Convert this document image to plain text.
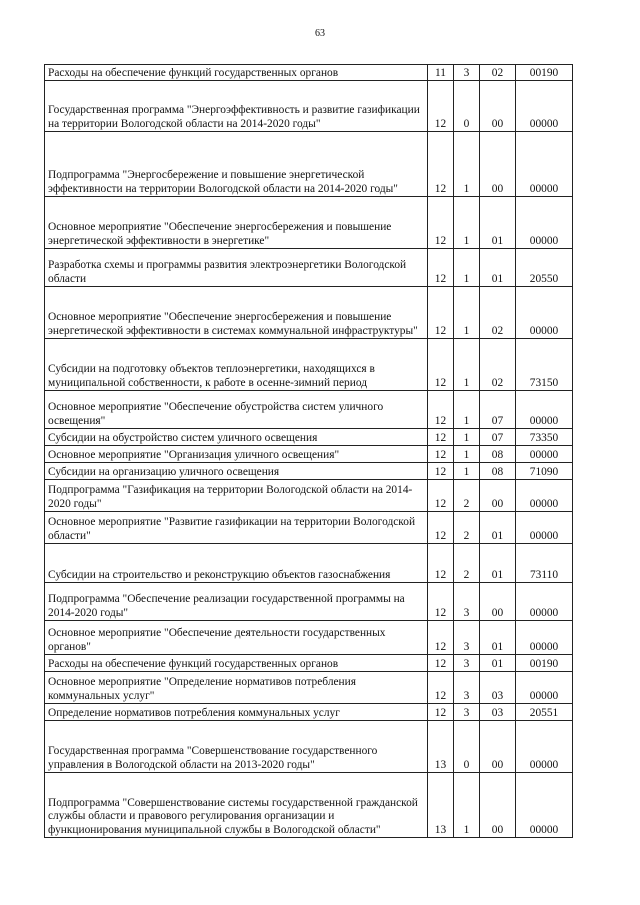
63
Расходы на обеспечение функций государственных органов	11	3	02	00190
Государственная программа "Энергоэффективность и развитие газификации на территории Вологодской области на 2014-2020 годы"	12	0	00	00000
Подпрограмма "Энергосбережение и повышение энергетической эффективности на территории Вологодской области на 2014-2020 годы"	12	1	00	00000
Основное мероприятие "Обеспечение энергосбережения и повышение энергетической эффективности в энергетике"	12	1	01	00000
Разработка схемы и программы развития электроэнергетики Вологодской области	12	1	01	20550
Основное мероприятие "Обеспечение энергосбережения и повышение энергетической эффективности в системах коммунальной инфраструктуры"	12	1	02	00000
Субсидии на подготовку объектов теплоэнергетики, находящихся в муниципальной собственности, к работе в осенне-зимний период	12	1	02	73150
Основное мероприятие "Обеспечение обустройства систем уличного освещения"	12	1	07	00000
Субсидии на обустройство систем уличного освещения	12	1	07	73350
Основное мероприятие "Организация уличного освещения"	12	1	08	00000
Субсидии на организацию уличного освещения	12	1	08	71090
Подпрограмма "Газификация на территории Вологодской области на 2014-2020 годы"	12	2	00	00000
Основное мероприятие "Развитие газификации на территории Вологодской области"	12	2	01	00000
Субсидии на строительство и реконструкцию объектов газоснабжения	12	2	01	73110
Подпрограмма "Обеспечение реализации государственной программы на 2014-2020 годы"	12	3	00	00000
Основное мероприятие "Обеспечение деятельности государственных органов"	12	3	01	00000
Расходы на обеспечение функций государственных органов	12	3	01	00190
Основное мероприятие "Определение нормативов потребления коммунальных услуг"	12	3	03	00000
Определение нормативов потребления коммунальных услуг	12	3	03	20551
Государственная программа "Совершенствование государственного управления в Вологодской области на 2013-2020 годы"	13	0	00	00000
Подпрограмма "Совершенствование системы государственной гражданской службы области и правового регулирования организации и функционирования муниципальной службы в Вологодской области"	13	1	00	00000
